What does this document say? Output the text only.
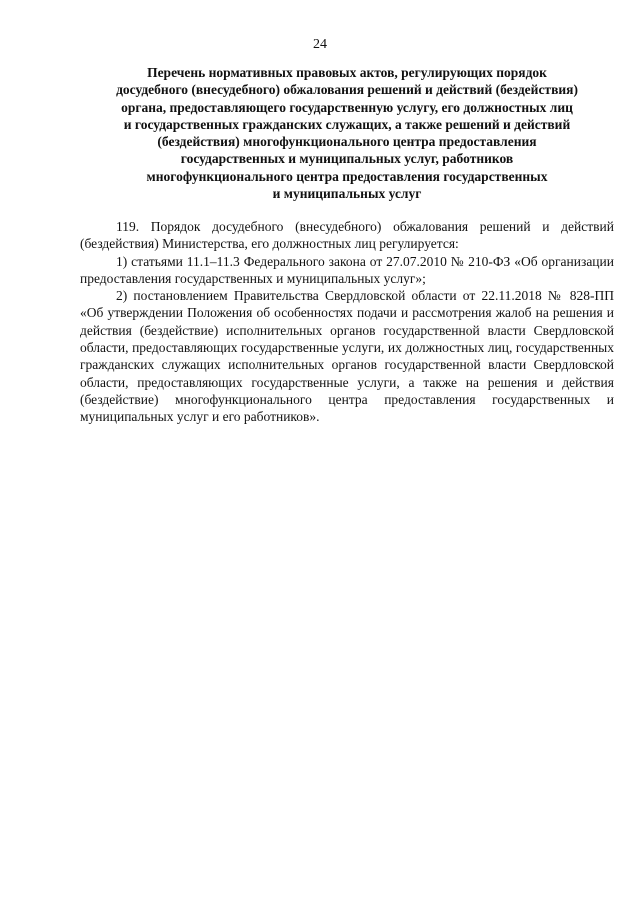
24
Перечень нормативных правовых актов, регулирующих порядок
досудебного (внесудебного) обжалования решений и действий (бездействия)
органа, предоставляющего государственную услугу, его должностных лиц
и государственных гражданских служащих, а также решений и действий
(бездействия) многофункционального центра предоставления
государственных и муниципальных услуг, работников
многофункционального центра предоставления государственных
и муниципальных услуг

119. Порядок досудебного (внесудебного) обжалования решений и действий (бездействия) Министерства, его должностных лиц регулируется:

1) статьями 11.1–11.3 Федерального закона от 27.07.2010 № 210-ФЗ «Об организации предоставления государственных и муниципальных услуг»;

2) постановлением Правительства Свердловской области от 22.11.2018 № 828-ПП «Об утверждении Положения об особенностях подачи и рассмотрения жалоб на решения и действия (бездействие) исполнительных органов государственной власти Свердловской области, предоставляющих государственные услуги, их должностных лиц, государственных гражданских служащих исполнительных органов государственной власти Свердловской области, предоставляющих государственные услуги, а также на решения и действия (бездействие) многофункционального центра предоставления государственных и муниципальных услуг и его работников».
